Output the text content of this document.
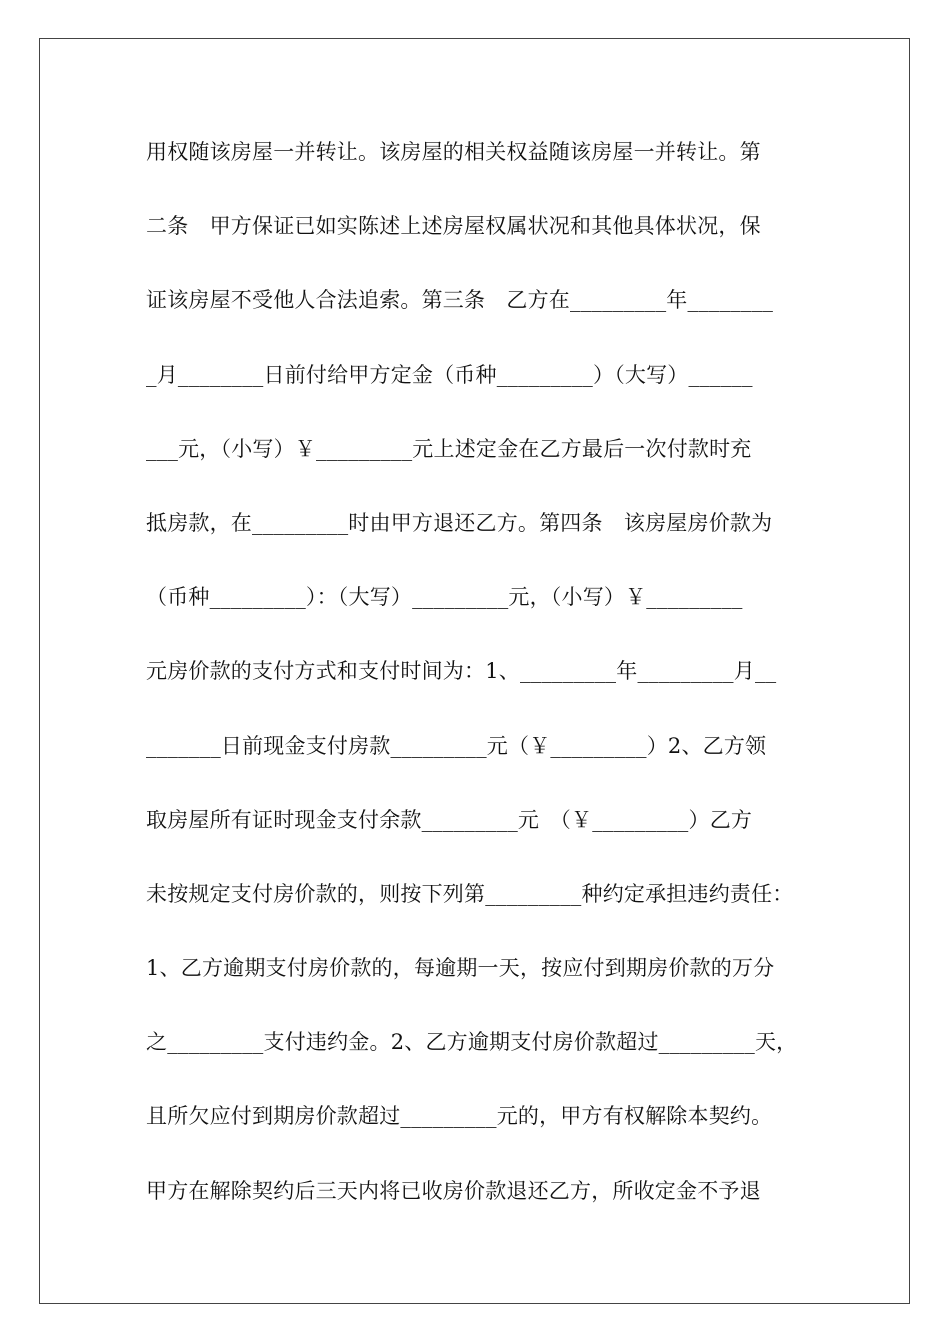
用权随该房屋一并转让。该房屋的相关权益随该房屋一并转让。第
二条　甲方保证已如实陈述上述房屋权属状况和其他具体状况，保
证该房屋不受他人合法追索。第三条　乙方在_________年________
_月________日前付给甲方定金（币种_________）（大写）______
___元，（小写）￥_________元上述定金在乙方最后一次付款时充
抵房款，在_________时由甲方退还乙方。第四条　该房屋房价款为
（币种_________）：（大写）_________元，（小写）￥_________
元房价款的支付方式和支付时间为：1、_________年_________月__
_______日前现金支付房款_________元（￥_________）2、乙方领
取房屋所有证时现金支付余款_________元　（￥_________）乙方
未按规定支付房价款的，则按下列第_________种约定承担违约责任：
1、乙方逾期支付房价款的，每逾期一天，按应付到期房价款的万分
之_________支付违约金。2、乙方逾期支付房价款超过_________天，
且所欠应付到期房价款超过_________元的，甲方有权解除本契约。
甲方在解除契约后三天内将已收房价款退还乙方，所收定金不予退
